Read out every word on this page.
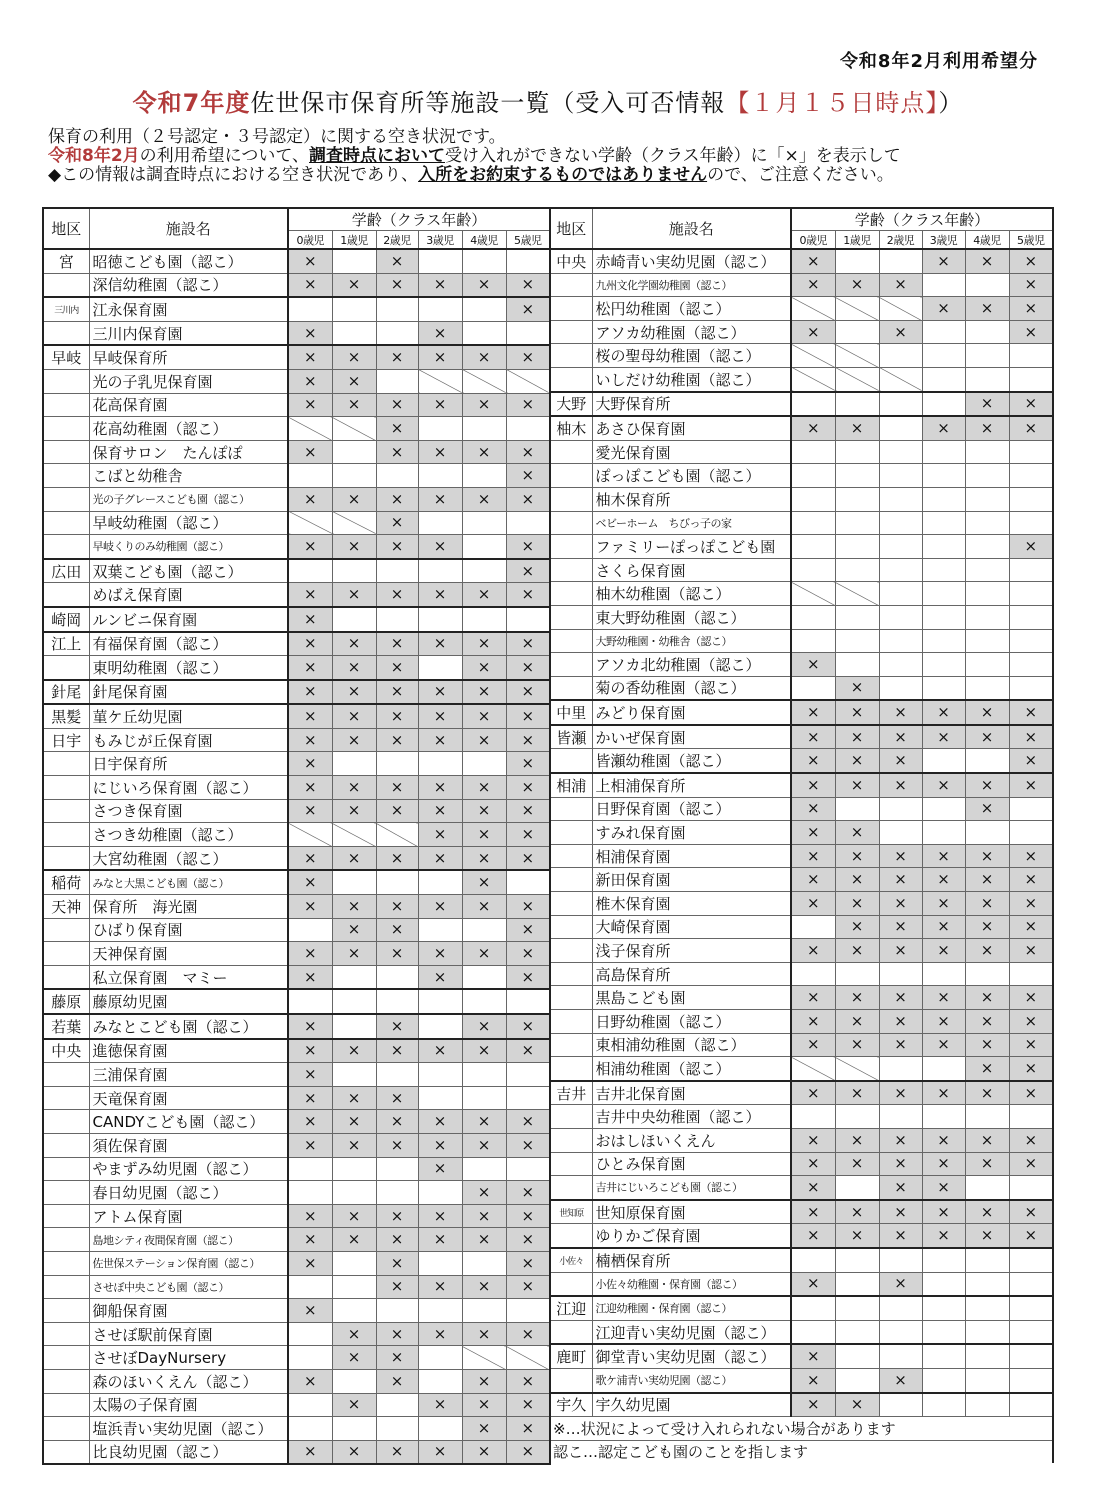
令和8年2月利用希望分
令和7年度佐世保市保育所等施設一覧（受入可否情報【１月１５日時点】）
保育の利用（２号認定・３号認定）に関する空き状況です。
令和8年2月の利用希望について、調査時点において受け入れができない学齢（クラス年齢）に「×」を表示して
◆この情報は調査時点における空き状況であり、入所をお約束するものではありませんので、ご注意ください。
地区	施設名	学齢（クラス年齢）					
		0歳児	1歳児	2歳児	3歳児	4歳児	5歳児
宮	昭徳こども園（認こ）	×		×			
	深信幼稚園（認こ）	×	×	×	×	×	×
三川内	江永保育園						×
	三川内保育園	×			×		
早岐	早岐保育所	×	×	×	×	×	×
	光の子乳児保育園	×	×				
	花高保育園	×	×	×	×	×	×
	花高幼稚園（認こ）			×			
	保育サロン　たんぽぽ	×		×	×	×	×
	こばと幼稚舎						×
	光の子グレースこども園（認こ）	×	×	×	×	×	×
	早岐幼稚園（認こ）			×			
	早岐くりのみ幼稚園（認こ）	×	×	×	×		×
広田	双葉こども園（認こ）						×
	めばえ保育園	×	×	×	×	×	×
崎岡	ルンビニ保育園	×					
江上	有福保育園（認こ）	×	×	×	×	×	×
	東明幼稚園（認こ）	×	×	×		×	×
針尾	針尾保育園	×	×	×	×	×	×
黒髪	菫ケ丘幼児園	×	×	×	×	×	×
日宇	もみじが丘保育園	×	×	×	×	×	×
	日宇保育所	×					×
	にじいろ保育園（認こ）	×	×	×	×	×	×
	さつき保育園	×	×	×	×	×	×
	さつき幼稚園（認こ）				×	×	×
	大宮幼稚園（認こ）	×	×	×	×	×	×
稲荷	みなと大黒こども園（認こ）	×				×	
天神	保育所　海光園	×	×	×	×	×	×
	ひばり保育園		×	×			×
	天神保育園	×	×	×	×	×	×
	私立保育園　マミー	×			×		×
藤原	藤原幼児園						
若葉	みなとこども園（認こ）	×		×		×	×
中央	進徳保育園	×	×	×	×	×	×
	三浦保育園	×					
	天竜保育園	×	×	×			
	CANDYこども園（認こ）	×	×	×	×	×	×
	須佐保育園	×	×	×	×	×	×
	やまずみ幼児園（認こ）				×		
	春日幼児園（認こ）					×	×
	アトム保育園	×	×	×	×	×	×
	島地シティ夜間保育園（認こ）	×	×	×	×	×	×
	佐世保ステーション保育園（認こ）	×		×			×
	させぼ中央こども園（認こ）			×	×	×	×
	御船保育園	×					
	させぼ駅前保育園		×	×	×	×	×
	させぼDayNursery		×	×			
	森のほいくえん（認こ）	×		×		×	×
	太陽の子保育園		×		×	×	×
	塩浜青い実幼児園（認こ）					×	×
	比良幼児園（認こ）	×	×	×	×	×	×
地区	施設名	学齢（クラス年齢）					
		0歳児	1歳児	2歳児	3歳児	4歳児	5歳児
中央	赤崎青い実幼児園（認こ）	×			×	×	×
	九州文化学園幼稚園（認こ）	×	×	×			×
	松円幼稚園（認こ）				×	×	×
	アソカ幼稚園（認こ）	×		×			×
	桜の聖母幼稚園（認こ）						
	いしだけ幼稚園（認こ）						
大野	大野保育所					×	×
柚木	あさひ保育園	×	×		×	×	×
	愛光保育園						
	ぽっぽこども園（認こ）						
	柚木保育所						
	ベビーホーム　ちびっ子の家						
	ファミリーぽっぽこども園						×
	さくら保育園						
	柚木幼稚園（認こ）						
	東大野幼稚園（認こ）						
	大野幼稚園・幼稚舎（認こ）						
	アソカ北幼稚園（認こ）	×					
	菊の香幼稚園（認こ）		×				
中里	みどり保育園	×	×	×	×	×	×
皆瀬	かいぜ保育園	×	×	×	×	×	×
	皆瀬幼稚園（認こ）	×	×	×			×
相浦	上相浦保育所	×	×	×	×	×	×
	日野保育園（認こ）	×				×	
	すみれ保育園	×	×				
	相浦保育園	×	×	×	×	×	×
	新田保育園	×	×	×	×	×	×
	椎木保育園	×	×	×	×	×	×
	大崎保育園		×	×	×	×	×
	浅子保育所	×	×	×	×	×	×
	高島保育所						
	黒島こども園	×	×	×	×	×	×
	日野幼稚園（認こ）	×	×	×	×	×	×
	東相浦幼稚園（認こ）	×	×	×	×	×	×
	相浦幼稚園（認こ）					×	×
吉井	吉井北保育園	×	×	×	×	×	×
	吉井中央幼稚園（認こ）						
	おはしほいくえん	×	×	×	×	×	×
	ひとみ保育園	×	×	×	×	×	×
	吉井にじいろこども園（認こ）	×		×	×		
世知原	世知原保育園	×	×	×	×	×	×
	ゆりかご保育園	×	×	×	×	×	×
小佐々	楠栖保育所						
	小佐々幼稚園・保育園（認こ）	×		×			
江迎	江迎幼稚園・保育園（認こ）						
	江迎青い実幼児園（認こ）						
鹿町	御堂青い実幼児園（認こ）	×					
	歌ケ浦青い実幼児園（認こ）	×		×			
宇久	宇久幼児園	×	×				
※…状況によって受け入れられない場合があります							
認こ…認定こども園のことを指します							
